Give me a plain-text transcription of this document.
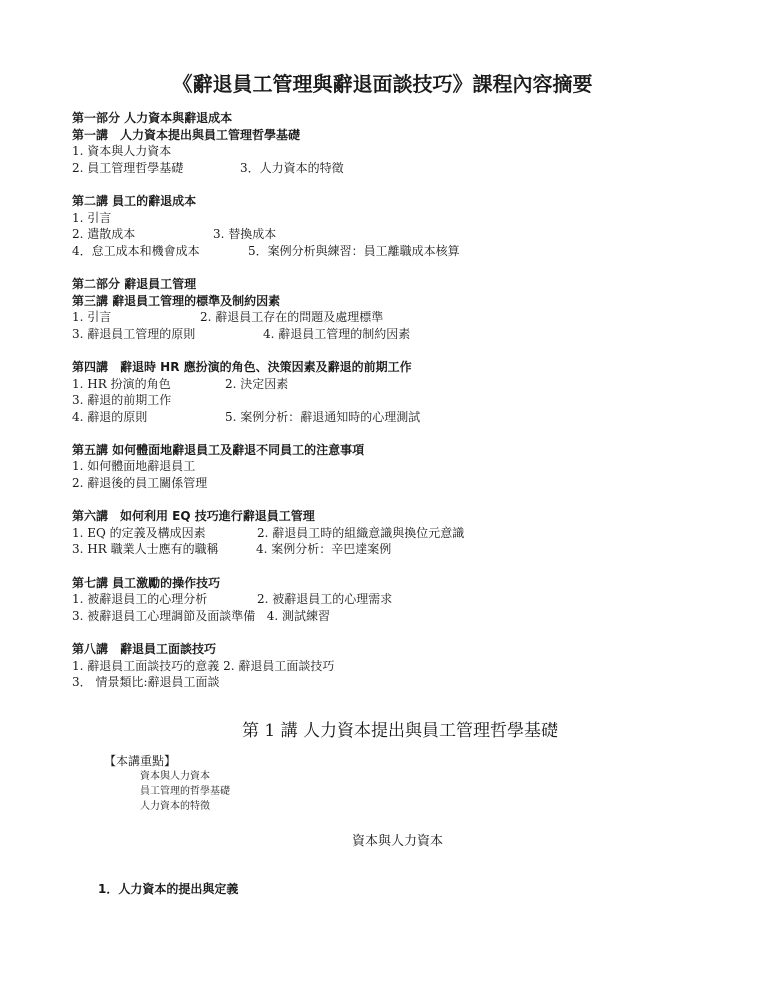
《辭退員工管理與辭退面談技巧》課程內容摘要
第一部分 人力資本與辭退成本
第一講　人力資本提出與員工管理哲學基礎
1. 資本與人力資本
2. 員工管理哲學基礎	3．人力資本的特徵
第二講 員工的辭退成本
1. 引言
2. 遣散成本	3. 替換成本
4．怠工成本和機會成本	5．案例分析與練習：員工離職成本核算
第二部分 辭退員工管理
第三講 辭退員工管理的標準及制約因素
1. 引言	2. 辭退員工存在的問題及處理標準
3. 辭退員工管理的原則	4. 辭退員工管理的制約因素
第四講　辭退時 HR 應扮演的角色、決策因素及辭退的前期工作
1. HR 扮演的角色	2. 決定因素
3. 辭退的前期工作
4. 辭退的原則	5. 案例分析：辭退通知時的心理測試
第五講 如何體面地辭退員工及辭退不同員工的注意事項
1. 如何體面地辭退員工
2. 辭退後的員工關係管理
第六講　如何利用 EQ 技巧進行辭退員工管理
1. EQ 的定義及構成因素	2. 辭退員工時的組織意識與換位元意識
3. HR 職業人士應有的職稱	4. 案例分析：辛巴達案例
第七講 員工激勵的操作技巧
1. 被辭退員工的心理分析	2. 被辭退員工的心理需求
3. 被辭退員工心理調節及面談準備 4. 測試練習
第八講　辭退員工面談技巧
1. 辭退員工面談技巧的意義 2. 辭退員工面談技巧
3． 情景類比:辭退員工面談
第 1 講 人力資本提出與員工管理哲學基礎
【本講重點】
資本與人力資本
員工管理的哲學基礎
人力資本的特徵
資本與人力資本
1．人力資本的提出與定義
